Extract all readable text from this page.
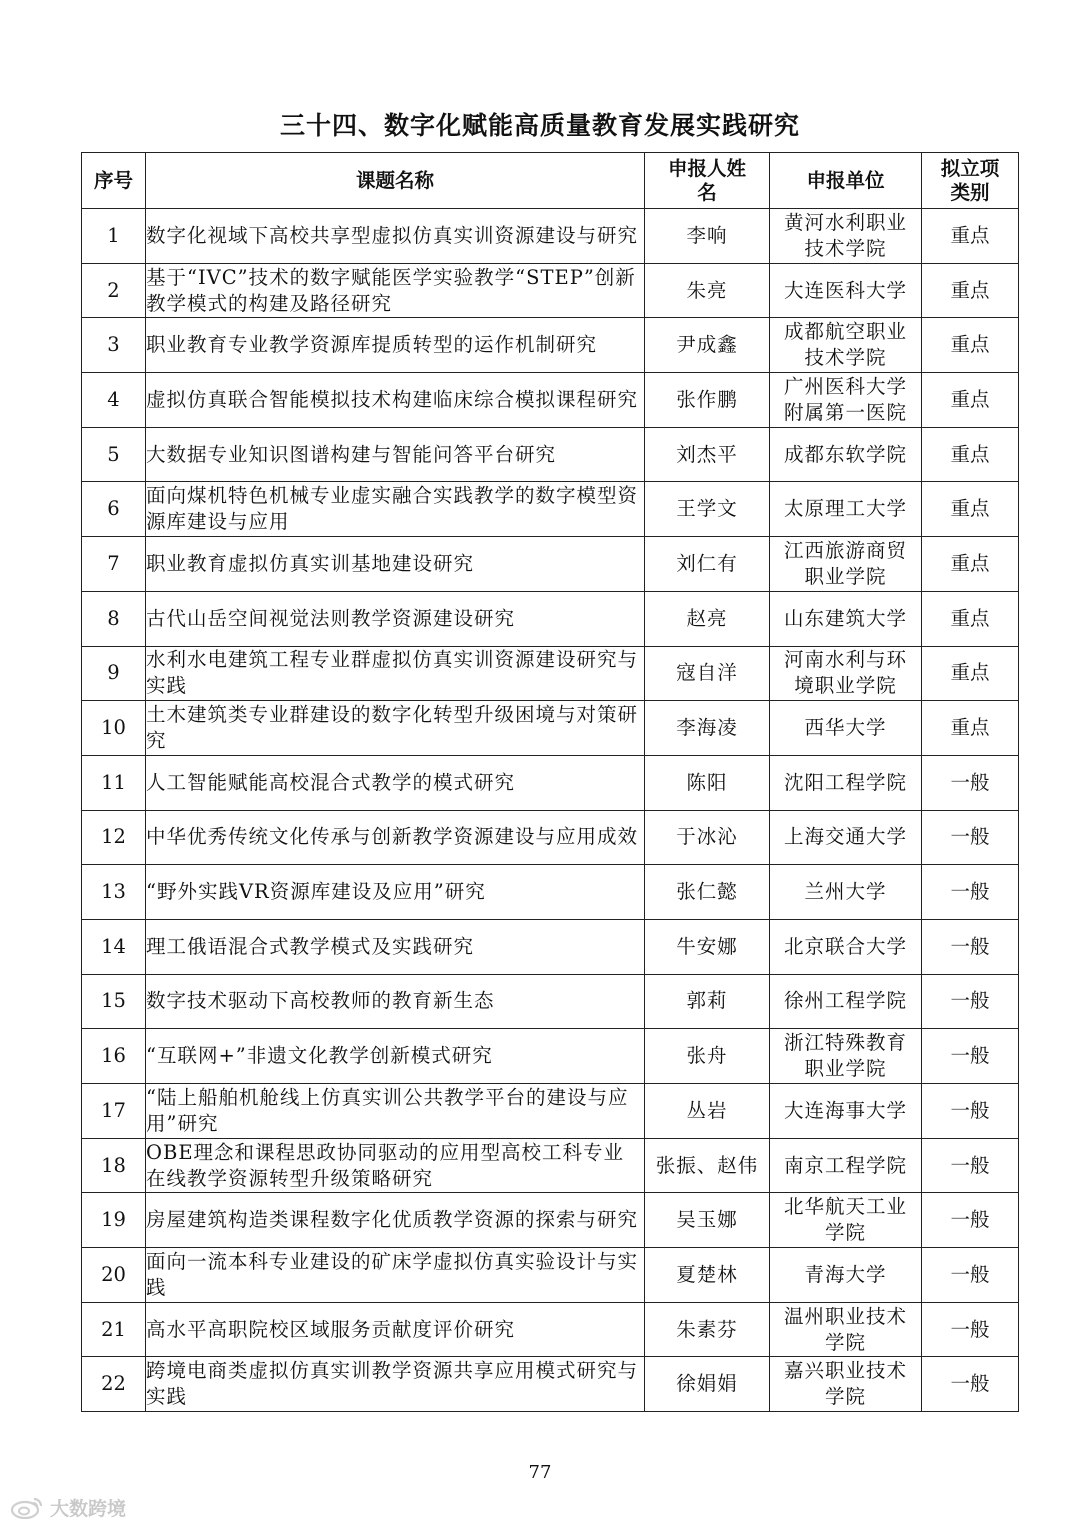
三十四、数字化赋能高质量教育发展实践研究
序号	课题名称	申报人姓名	申报单位	拟立项类别
1	数字化视域下高校共享型虚拟仿真实训资源建设与研究	李响	黄河水利职业技术学院	重点
2	基于“IVC”技术的数字赋能医学实验教学“STEP”创新教学模式的构建及路径研究	朱亮	大连医科大学	重点
3	职业教育专业教学资源库提质转型的运作机制研究	尹成鑫	成都航空职业技术学院	重点
4	虚拟仿真联合智能模拟技术构建临床综合模拟课程研究	张作鹏	广州医科大学附属第一医院	重点
5	大数据专业知识图谱构建与智能问答平台研究	刘杰平	成都东软学院	重点
6	面向煤机特色机械专业虚实融合实践教学的数字模型资源库建设与应用	王学文	太原理工大学	重点
7	职业教育虚拟仿真实训基地建设研究	刘仁有	江西旅游商贸职业学院	重点
8	古代山岳空间视觉法则教学资源建设研究	赵亮	山东建筑大学	重点
9	水利水电建筑工程专业群虚拟仿真实训资源建设研究与实践	寇自洋	河南水利与环境职业学院	重点
10	土木建筑类专业群建设的数字化转型升级困境与对策研究	李海凌	西华大学	重点
11	人工智能赋能高校混合式教学的模式研究	陈阳	沈阳工程学院	一般
12	中华优秀传统文化传承与创新教学资源建设与应用成效	于冰沁	上海交通大学	一般
13	“野外实践VR资源库建设及应用”研究	张仁懿	兰州大学	一般
14	理工俄语混合式教学模式及实践研究	牛安娜	北京联合大学	一般
15	数字技术驱动下高校教师的教育新生态	郭莉	徐州工程学院	一般
16	“互联网+”非遗文化教学创新模式研究	张舟	浙江特殊教育职业学院	一般
17	“陆上船舶机舱线上仿真实训公共教学平台的建设与应用”研究	丛岩	大连海事大学	一般
18	OBE理念和课程思政协同驱动的应用型高校工科专业在线教学资源转型升级策略研究	张振、赵伟	南京工程学院	一般
19	房屋建筑构造类课程数字化优质教学资源的探索与研究	吴玉娜	北华航天工业学院	一般
20	面向一流本科专业建设的矿床学虚拟仿真实验设计与实践	夏楚林	青海大学	一般
21	高水平高职院校区域服务贡献度评价研究	朱素芬	温州职业技术学院	一般
22	跨境电商类虚拟仿真实训教学资源共享应用模式研究与实践	徐娟娟	嘉兴职业技术学院	一般
77
大数跨境
